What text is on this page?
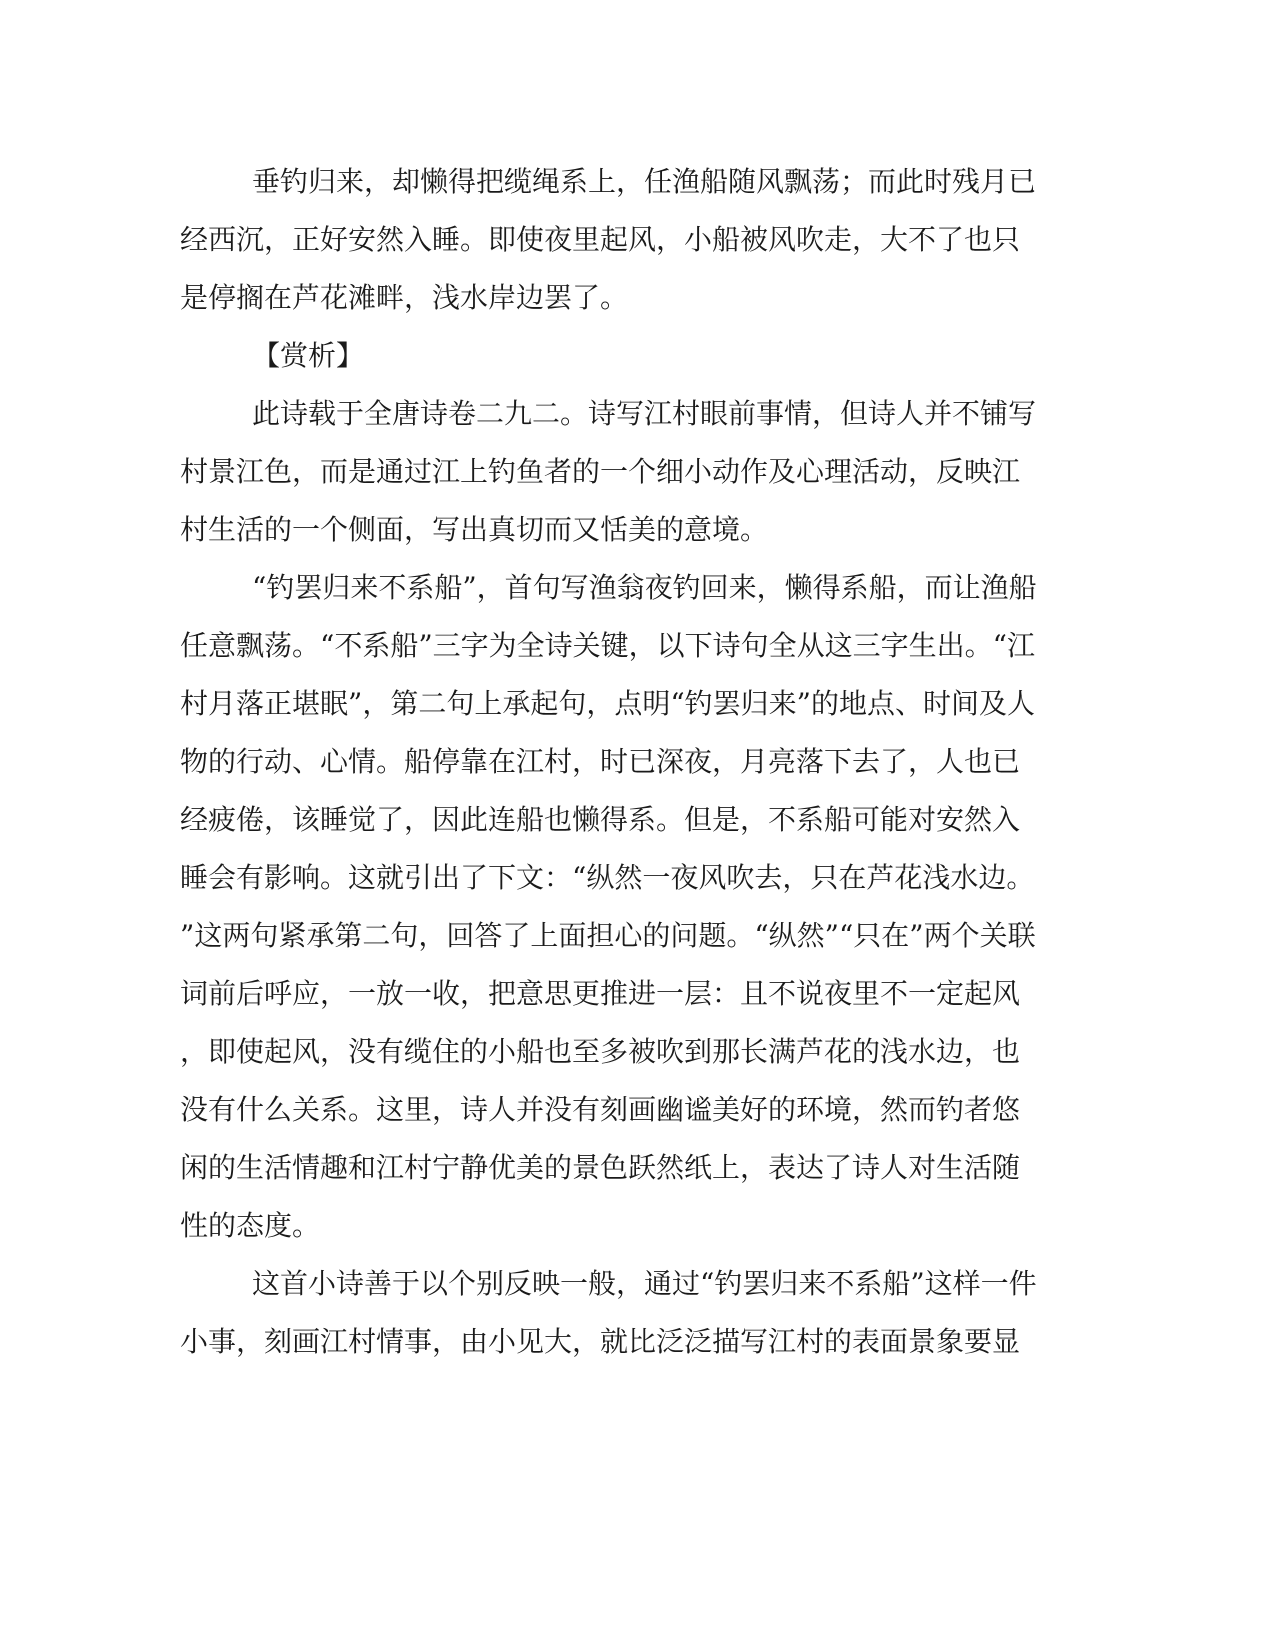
垂钓归来，却懒得把缆绳系上，任渔船随风飘荡；而此时残月已

经西沉，正好安然入睡。即使夜里起风，小船被风吹走，大不了也只

是停搁在芦花滩畔，浅水岸边罢了。

【赏析】

此诗载于全唐诗卷二九二。诗写江村眼前事情，但诗人并不铺写

村景江色，而是通过江上钓鱼者的一个细小动作及心理活动，反映江

村生活的一个侧面，写出真切而又恬美的意境。

“钓罢归来不系船”，首句写渔翁夜钓回来，懒得系船，而让渔船

任意飘荡。“不系船”三字为全诗关键，以下诗句全从这三字生出。“江

村月落正堪眠”，第二句上承起句，点明“钓罢归来”的地点、时间及人

物的行动、心情。船停靠在江村，时已深夜，月亮落下去了，人也已

经疲倦，该睡觉了，因此连船也懒得系。但是，不系船可能对安然入

睡会有影响。这就引出了下文：“纵然一夜风吹去，只在芦花浅水边。

”这两句紧承第二句，回答了上面担心的问题。“纵然”“只在”两个关联

词前后呼应，一放一收，把意思更推进一层：且不说夜里不一定起风

，即使起风，没有缆住的小船也至多被吹到那长满芦花的浅水边，也

没有什么关系。这里，诗人并没有刻画幽谧美好的环境，然而钓者悠

闲的生活情趣和江村宁静优美的景色跃然纸上，表达了诗人对生活随

性的态度。

这首小诗善于以个别反映一般，通过“钓罢归来不系船”这样一件

小事，刻画江村情事，由小见大，就比泛泛描写江村的表面景象要显
